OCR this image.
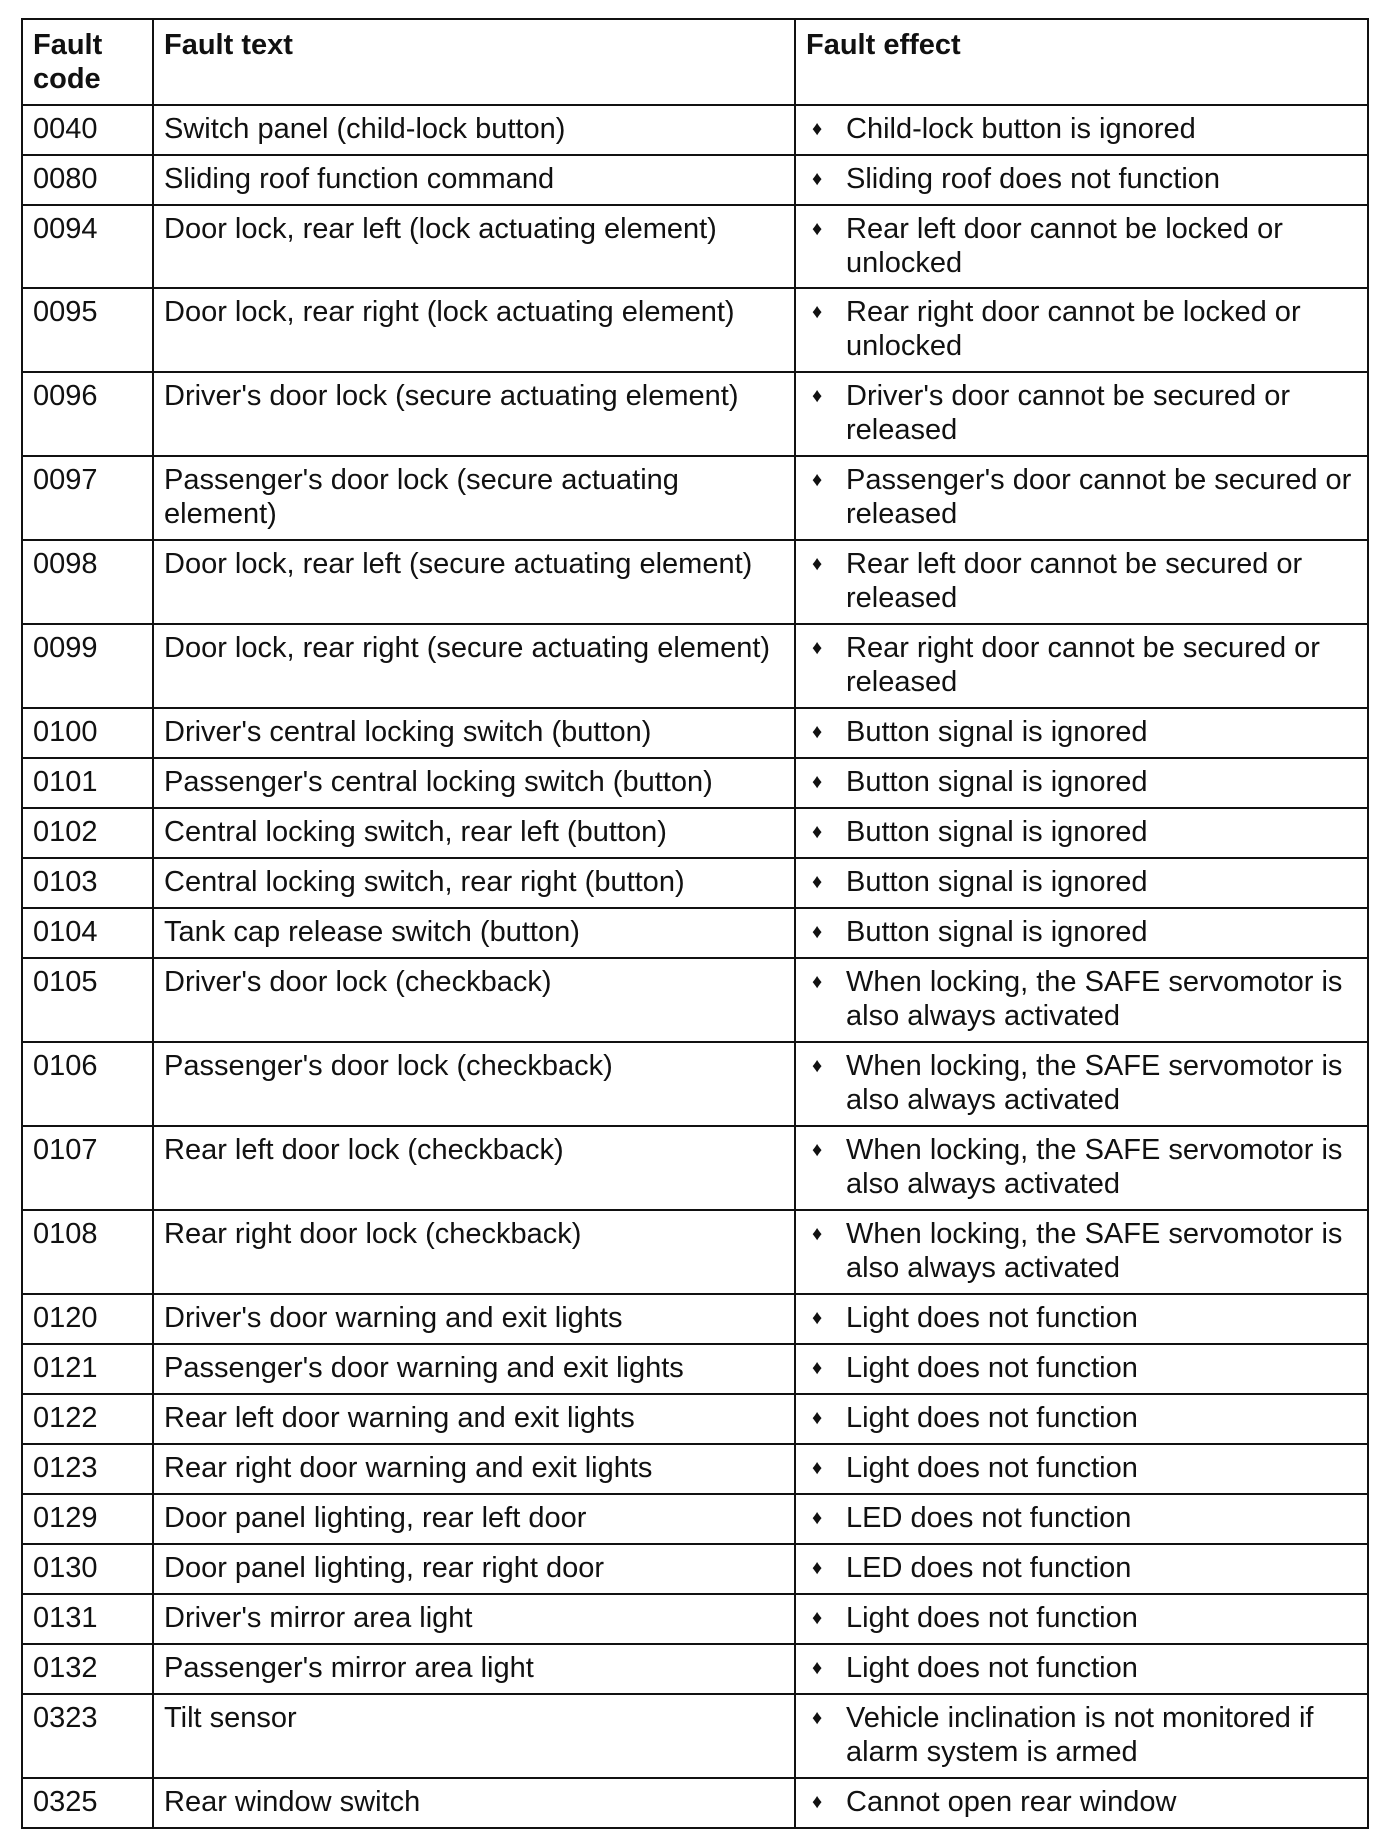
Fault code	Fault text	Fault effect
0040	Switch panel (child-lock button)	♦ Child-lock button is ignored

0080	Sliding roof function command	♦ Sliding roof does not function

0094	Door lock, rear left (lock actuating element)	♦ Rear left door cannot be locked or unlocked

0095	Door lock, rear right (lock actuating element)	♦ Rear right door cannot be locked or unlocked

0096	Driver's door lock (secure actuating element)	♦ Driver's door cannot be secured or released

0097	Passenger's door lock (secure actuating element)	♦ Passenger's door cannot be secured or released

0098	Door lock, rear left (secure actuating element)	♦ Rear left door cannot be secured or released

0099	Door lock, rear right (secure actuating element)	♦ Rear right door cannot be secured or released

0100	Driver's central locking switch (button)	♦ Button signal is ignored

0101	Passenger's central locking switch (button)	♦ Button signal is ignored

0102	Central locking switch, rear left (button)	♦ Button signal is ignored

0103	Central locking switch, rear right (button)	♦ Button signal is ignored

0104	Tank cap release switch (button)	♦ Button signal is ignored

0105	Driver's door lock (checkback)	♦ When locking, the SAFE servomotor is also always activated

0106	Passenger's door lock (checkback)	♦ When locking, the SAFE servomotor is also always activated

0107	Rear left door lock (checkback)	♦ When locking, the SAFE servomotor is also always activated

0108	Rear right door lock (checkback)	♦ When locking, the SAFE servomotor is also always activated

0120	Driver's door warning and exit lights	♦ Light does not function

0121	Passenger's door warning and exit lights	♦ Light does not function

0122	Rear left door warning and exit lights	♦ Light does not function

0123	Rear right door warning and exit lights	♦ Light does not function

0129	Door panel lighting, rear left door	♦ LED does not function

0130	Door panel lighting, rear right door	♦ LED does not function

0131	Driver's mirror area light	♦ Light does not function

0132	Passenger's mirror area light	♦ Light does not function

0323	Tilt sensor	♦ Vehicle inclination is not monitored if alarm system is armed

0325	Rear window switch	♦ Cannot open rear window
